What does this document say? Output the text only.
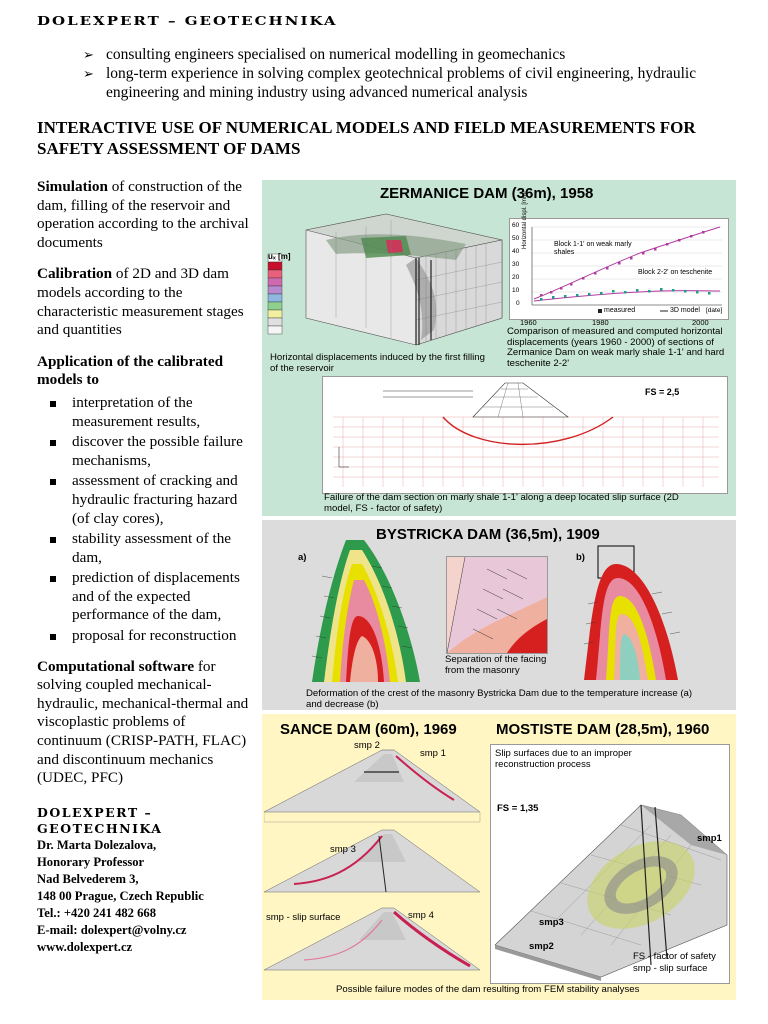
DOLEXPERT – GEOTECHNIKA
➢ consulting engineers specialised on numerical modelling in geomechanics
➢ long-term experience in solving complex geotechnical problems of civil engineering, hydraulic engineering and mining industry using advanced numerical analysis
INTERACTIVE USE OF NUMERICAL MODELS AND FIELD MEASUREMENTS FOR SAFETY ASSESSMENT OF DAMS

Simulation of construction of the dam, filling of the reservoir and operation according to the archival documents

Calibration of 2D and 3D dam models according to the characteristic measurement stages and quantities

Application of the calibrated models to

interpretation of the measurement results,
discover the possible failure mechanisms,
assessment of cracking and hydraulic fracturing hazard (of clay cores),
stability assessment of the dam,
prediction of displacements and of the expected performance of the dam,
proposal for reconstruction

Computational software for solving coupled mechanical-hydraulic, mechanical-thermal and viscoplastic problems of continuum (CRISP-PATH, FLAC) and discontinuum mechanics (UDEC, PFC)

DOLEXPERT –
GEOTECHNIKA
Dr. Marta Dolezalova,
Honorary Professor
Nad Belvederem 3,
148 00 Prague, Czech Republic
Tel.: +420 241 482 668
E-mail: dolexpert@volny.cz
www.dolexpert.cz
ZERMANICE DAM (36m), 1958
uₓ [m]
Horizontal displacements induced by the first filling of the reservoir
60
50
40
30
20
10
0
Horizontal displ. [mm]	Block 1-1' on weak marly shales
Block 2-2' on teschenite
measured	3D model [date]
1960	1980	2000
Comparison of measured and computed horizontal displacements (years 1960 - 2000) of sections of Zermanice Dam on weak marly shale 1-1' and hard teschenite 2-2'
FS = 2,5
Failure of the dam section on marly shale 1-1' along a deep located slip surface (2D model, FS - factor of safety)
BYSTRICKA DAM (36,5m), 1909
a)	b)
Separation of the facing from the masonry
Deformation of the crest of the masonry Bystricka Dam due to the temperature increase (a) and decrease (b)
SANCE DAM (60m), 1969	MOSTISTE DAM (28,5m), 1960
smp 2
smp 1
smp 3
smp 4
smp - slip surface
Slip surfaces due to an improper reconstruction process
FS = 1,35
smp1
smp3
smp2
FS - factor of safety
smp - slip surface
Possible failure modes of the dam resulting from FEM stability analyses
